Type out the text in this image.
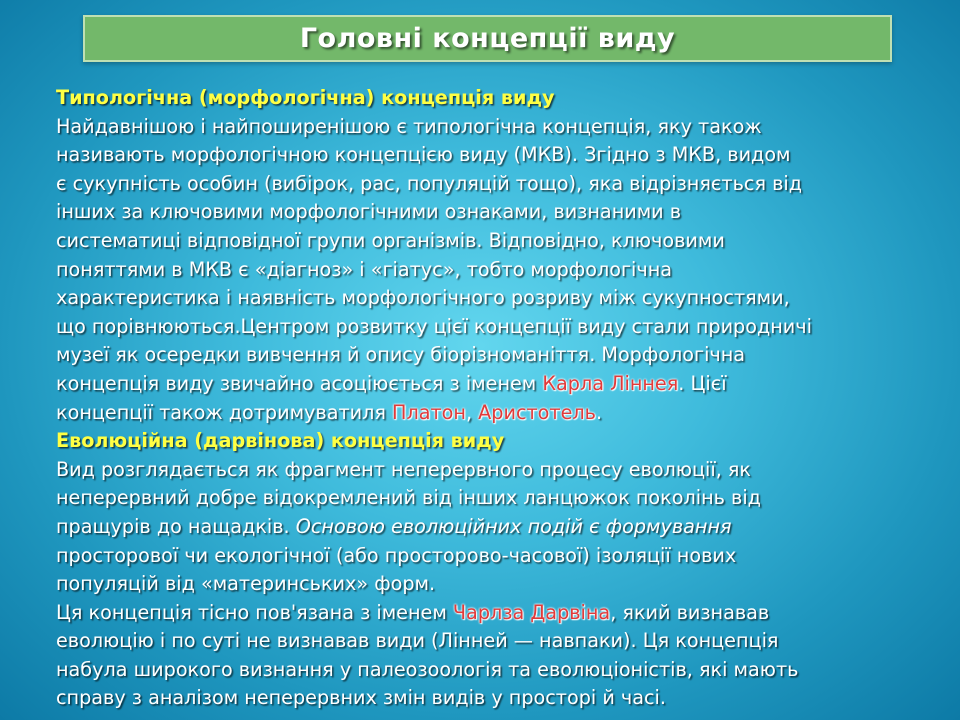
Головні концепції виду
Типологічна (морфологічна) концепція виду
Найдавнішою і найпоширенішою є типологічна концепція, яку також
називають морфологічною концепцією виду (МКВ). Згідно з МКВ, видом
є сукупність особин (вибірок, рас, популяцій тощо), яка відрізняється від
інших за ключовими морфологічними ознаками, визнаними в
систематиці відповідної групи організмів. Відповідно, ключовими
поняттями в МКВ є «діагноз» і «гіатус», тобто морфологічна
характеристика і наявність морфологічного розриву між сукупностями,
що порівнюються.Центром розвитку цієї концепції виду стали природничі
музеї як осередки вивчення й опису біорізноманіття. Морфологічна
концепція виду звичайно асоціюється з іменем Карла Ліннея. Цієї
концепції також дотримуватиля Платон, Аристотель.
Еволюційна (дарвінова) концепція виду
Вид розглядається як фрагмент неперервного процесу еволюції, як
неперервний добре відокремлений від інших ланцюжок поколінь від
пращурів до нащадків. Основою еволюційних подій є формування
просторової чи екологічної (або просторово-часової) ізоляції нових
популяцій від «материнських» форм.
Ця концепція тісно пов'язана з іменем Чарлза Дарвіна, який визнавав
еволюцію і по суті не визнавав види (Лінней — навпаки). Ця концепція
набула широкого визнання у палеозоологія та еволюціоністів, які мають
справу з аналізом неперервних змін видів у просторі й часі.
